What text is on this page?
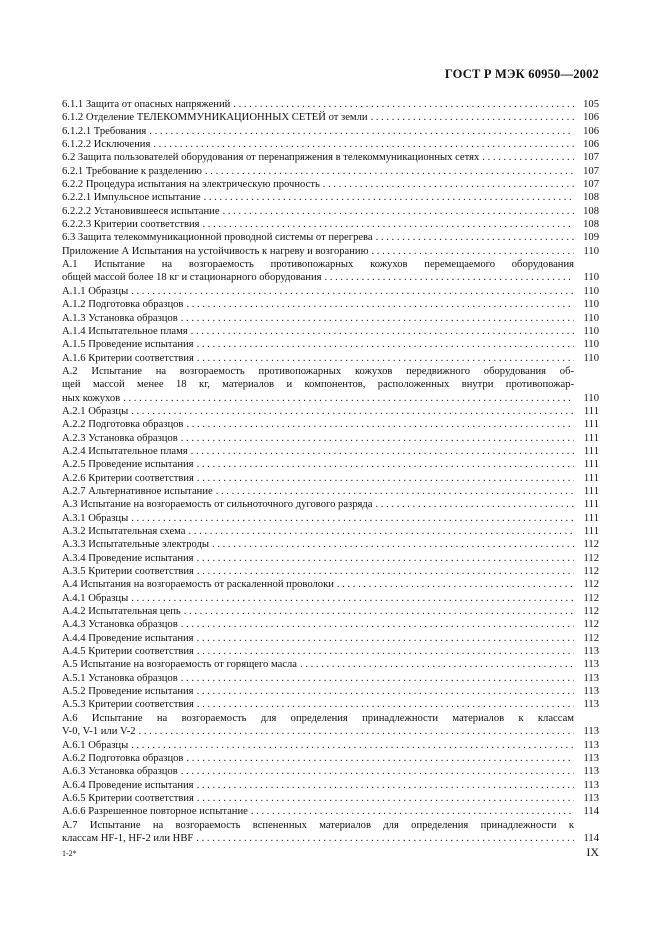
ГОСТ Р МЭК 60950—2002
6.1.1 Защита от опасных напряжений . . .	105
6.1.2 Отделение ТЕЛЕКОММУНИКАЦИОННЫХ СЕТЕЙ от земли . . .	106
6.1.2.1 Требования . . .	106
6.1.2.2 Исключения . . .	106
6.2 Защита пользователей оборудования от перенапряжения в телекоммуникационных сетях . . .	107
6.2.1 Требование к разделению . . .	107
6.2.2 Процедура испытания на электрическую прочность . . .	107
6.2.2.1 Импульсное испытание . . .	108
6.2.2.2 Установившееся испытание . . .	108
6.2.2.3 Критерии соответствия . . .	108
6.3 Защита телекоммуникационной проводной системы от перегрева . . .	109
Приложение А Испытания на устойчивость к нагреву и возгоранию . . .	110
А.1 Испытание на возгораемость противопожарных кожухов перемещаемого оборудования
общей массой более 18 кг и стационарного оборудования . . .	110
А.1.1 Образцы . . .	110
А.1.2 Подготовка образцов . . .	110
А.1.3 Установка образцов . . .	110
А.1.4 Испытательное пламя . . .	110
А.1.5 Проведение испытания . . .	110
А.1.6 Критерии соответствия . . .	110
А.2 Испытание на возгораемость противопожарных кожухов передвижного оборудования об-
щей массой менее 18 кг, материалов и компонентов, расположенных внутри противопожар-
ных кожухов . . .	110
А.2.1 Образцы . . .	111
А.2.2 Подготовка образцов . . .	111
А.2.3 Установка образцов . . .	111
А.2.4 Испытательное пламя . . .	111
А.2.5 Проведение испытания . . .	111
А.2.6 Критерии соответствия . . .	111
А.2.7 Альтернативное испытание . . .	111
А.3 Испытание на возгораемость от сильноточного дугового разряда . . .	111
А.3.1 Образцы . . .	111
А.3.2 Испытательная схема . . .	111
А.3.3 Испытательные электроды . . .	112
А.3.4 Проведение испытания . . .	112
А.3.5 Критерии соответствия . . .	112
А.4 Испытания на возгораемость от раскаленной проволоки . . .	112
А.4.1 Образцы . . .	112
А.4.2 Испытательная цепь . . .	112
А.4.3 Установка образцов . . .	112
А.4.4 Проведение испытания . . .	112
А.4.5 Критерии соответствия . . .	113
А.5 Испытание на возгораемость от горящего масла . . .	113
А.5.1 Установка образцов . . .	113
А.5.2 Проведение испытания . . .	113
А.5.3 Критерии соответствия . . .	113
А.6 Испытание на возгораемость для определения принадлежности материалов к классам
V-0, V-1 или V-2 . . .	113
А.6.1 Образцы . . .	113
А.6.2 Подготовка образцов . . .	113
А.6.3 Установка образцов . . .	113
А.6.4 Проведение испытания . . .	113
А.6.5 Критерии соответствия . . .	113
А.6.6 Разрешенное повторное испытание . . .	114
А.7 Испытание на возгораемость вспененных материалов для определения принадлежности к
классам HF-1, HF-2 или HBF . . .	114
1-2*	IX
